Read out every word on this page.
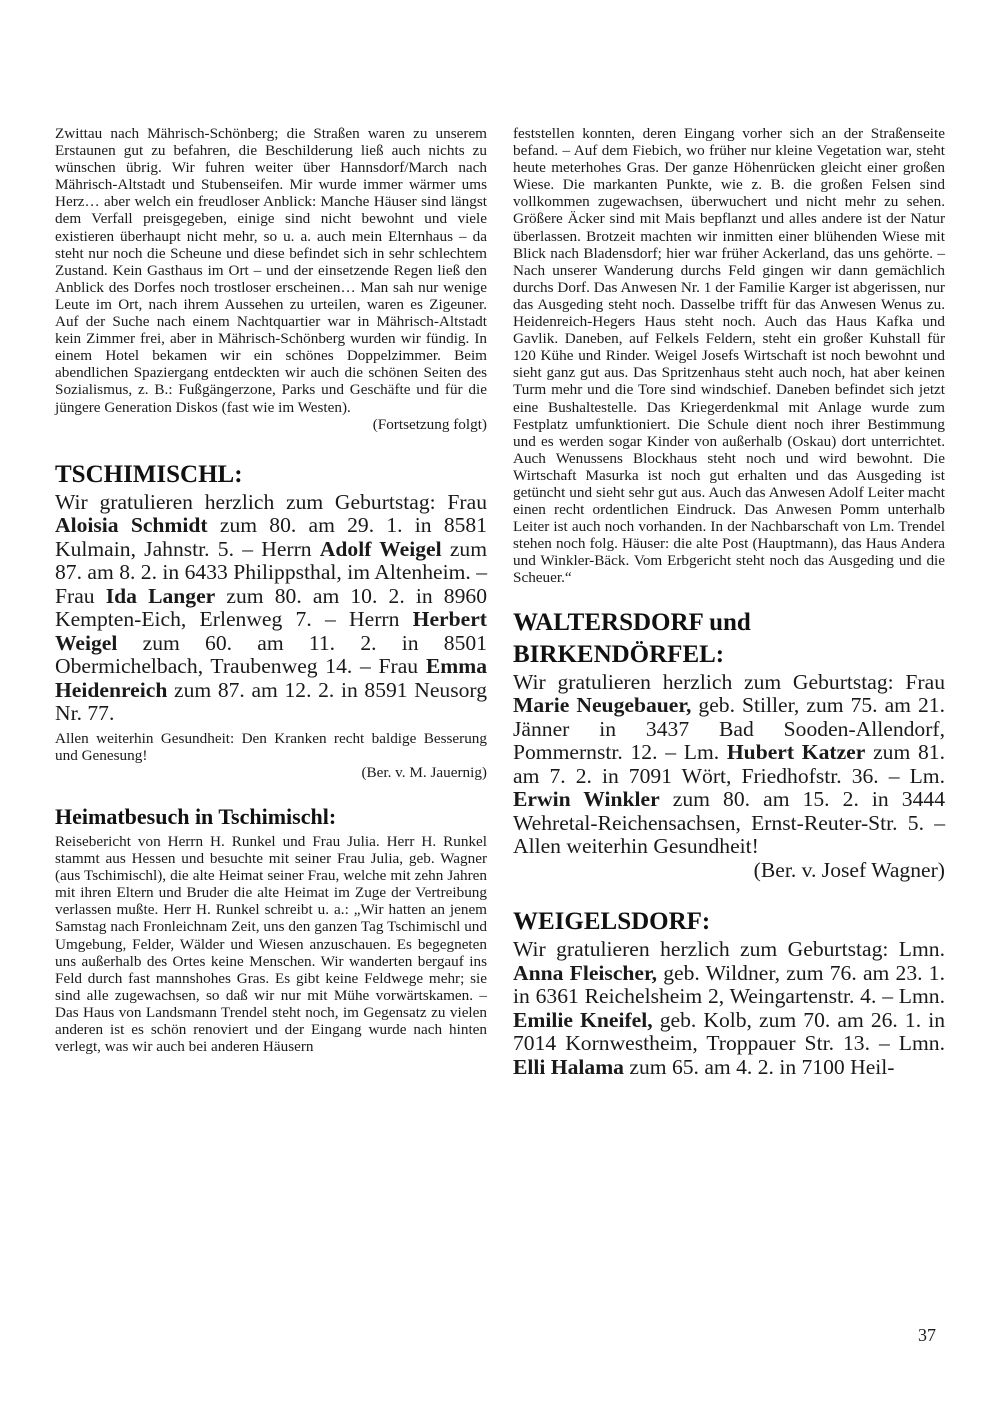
Zwittau nach Mährisch-Schönberg; die Straßen waren zu unserem Erstaunen gut zu befahren, die Beschilderung ließ auch nichts zu wünschen übrig. Wir fuhren weiter über Hannsdorf/March nach Mährisch-Altstadt und Stubenseifen. Mir wurde immer wärmer ums Herz… aber welch ein freudloser Anblick: Manche Häuser sind längst dem Verfall preisgegeben, einige sind nicht bewohnt und viele existieren überhaupt nicht mehr, so u. a. auch mein Elternhaus – da steht nur noch die Scheune und diese befindet sich in sehr schlechtem Zustand. Kein Gasthaus im Ort – und der einsetzende Regen ließ den Anblick des Dorfes noch trostloser erscheinen… Man sah nur wenige Leute im Ort, nach ihrem Aussehen zu urteilen, waren es Zigeuner. Auf der Suche nach einem Nachtquartier war in Mährisch-Altstadt kein Zimmer frei, aber in Mährisch-Schönberg wurden wir fündig. In einem Hotel bekamen wir ein schönes Doppelzimmer. Beim abendlichen Spaziergang entdeckten wir auch die schönen Seiten des Sozialismus, z. B.: Fußgängerzone, Parks und Geschäfte und für die jüngere Generation Diskos (fast wie im Westen).

(Fortsetzung folgt)

TSCHIMISCHL:

Wir gratulieren herzlich zum Geburtstag: Frau Aloisia Schmidt zum 80. am 29. 1. in 8581 Kulmain, Jahnstr. 5. – Herrn Adolf Weigel zum 87. am 8. 2. in 6433 Philippsthal, im Altenheim. – Frau Ida Langer zum 80. am 10. 2. in 8960 Kempten-Eich, Erlenweg 7. – Herrn Herbert Weigel zum 60. am 11. 2. in 8501 Obermichelbach, Traubenweg 14. – Frau Emma Heidenreich zum 87. am 12. 2. in 8591 Neusorg Nr. 77.

Allen weiterhin Gesundheit: Den Kranken recht baldige Besserung und Genesung!

(Ber. v. M. Jauernig)

Heimatbesuch in Tschimischl:

Reisebericht von Herrn H. Runkel und Frau Julia. Herr H. Runkel stammt aus Hessen und besuchte mit seiner Frau Julia, geb. Wagner (aus Tschimischl), die alte Heimat seiner Frau, welche mit zehn Jahren mit ihren Eltern und Bruder die alte Heimat im Zuge der Vertreibung verlassen mußte. Herr H. Runkel schreibt u. a.: „Wir hatten an jenem Samstag nach Fronleichnam Zeit, uns den ganzen Tag Tschimischl und Umgebung, Felder, Wälder und Wiesen anzuschauen. Es begegneten uns außerhalb des Ortes keine Menschen. Wir wanderten bergauf ins Feld durch fast mannshohes Gras. Es gibt keine Feldwege mehr; sie sind alle zugewachsen, so daß wir nur mit Mühe vorwärtskamen. – Das Haus von Landsmann Trendel steht noch, im Gegensatz zu vielen anderen ist es schön renoviert und der Eingang wurde nach hinten verlegt, was wir auch bei anderen Häusern

feststellen konnten, deren Eingang vorher sich an der Straßenseite befand. – Auf dem Fiebich, wo früher nur kleine Vegetation war, steht heute meterhohes Gras. Der ganze Höhenrücken gleicht einer großen Wiese. Die markanten Punkte, wie z. B. die großen Felsen sind vollkommen zugewachsen, überwuchert und nicht mehr zu sehen. Größere Äcker sind mit Mais bepflanzt und alles andere ist der Natur überlassen. Brotzeit machten wir inmitten einer blühenden Wiese mit Blick nach Bladensdorf; hier war früher Ackerland, das uns gehörte. – Nach unserer Wanderung durchs Feld gingen wir dann gemächlich durchs Dorf. Das Anwesen Nr. 1 der Familie Karger ist abgerissen, nur das Ausgeding steht noch. Dasselbe trifft für das Anwesen Wenus zu. Heidenreich-Hegers Haus steht noch. Auch das Haus Kafka und Gavlik. Daneben, auf Felkels Feldern, steht ein großer Kuhstall für 120 Kühe und Rinder. Weigel Josefs Wirtschaft ist noch bewohnt und sieht ganz gut aus. Das Spritzenhaus steht auch noch, hat aber keinen Turm mehr und die Tore sind windschief. Daneben befindet sich jetzt eine Bushaltestelle. Das Kriegerdenkmal mit Anlage wurde zum Festplatz umfunktioniert. Die Schule dient noch ihrer Bestimmung und es werden sogar Kinder von außerhalb (Oskau) dort unterrichtet. Auch Wenussens Blockhaus steht noch und wird bewohnt. Die Wirtschaft Masurka ist noch gut erhalten und das Ausgeding ist getüncht und sieht sehr gut aus. Auch das Anwesen Adolf Leiter macht einen recht ordentlichen Eindruck. Das Anwesen Pomm unterhalb Leiter ist auch noch vorhanden. In der Nachbarschaft von Lm. Trendel stehen noch folg. Häuser: die alte Post (Hauptmann), das Haus Andera und Winkler-Bäck. Vom Erbgericht steht noch das Ausgeding und die Scheuer.“

WALTERSDORF und
BIRKENDÖRFEL:

Wir gratulieren herzlich zum Geburtstag: Frau Marie Neugebauer, geb. Stiller, zum 75. am 21. Jänner in 3437 Bad Sooden-Allendorf, Pommernstr. 12. – Lm. Hubert Katzer zum 81. am 7. 2. in 7091 Wört, Friedhofstr. 36. – Lm. Erwin Winkler zum 80. am 15. 2. in 3444 Wehretal-Reichensachsen, Ernst-Reuter-Str. 5. – Allen weiterhin Gesundheit!

(Ber. v. Josef Wagner)

WEIGELSDORF:

Wir gratulieren herzlich zum Geburtstag: Lmn. Anna Fleischer, geb. Wildner, zum 76. am 23. 1. in 6361 Reichelsheim 2, Weingartenstr. 4. – Lmn. Emilie Kneifel, geb. Kolb, zum 70. am 26. 1. in 7014 Kornwestheim, Troppauer Str. 13. – Lmn. Elli Halama zum 65. am 4. 2. in 7100 Heil-

37
